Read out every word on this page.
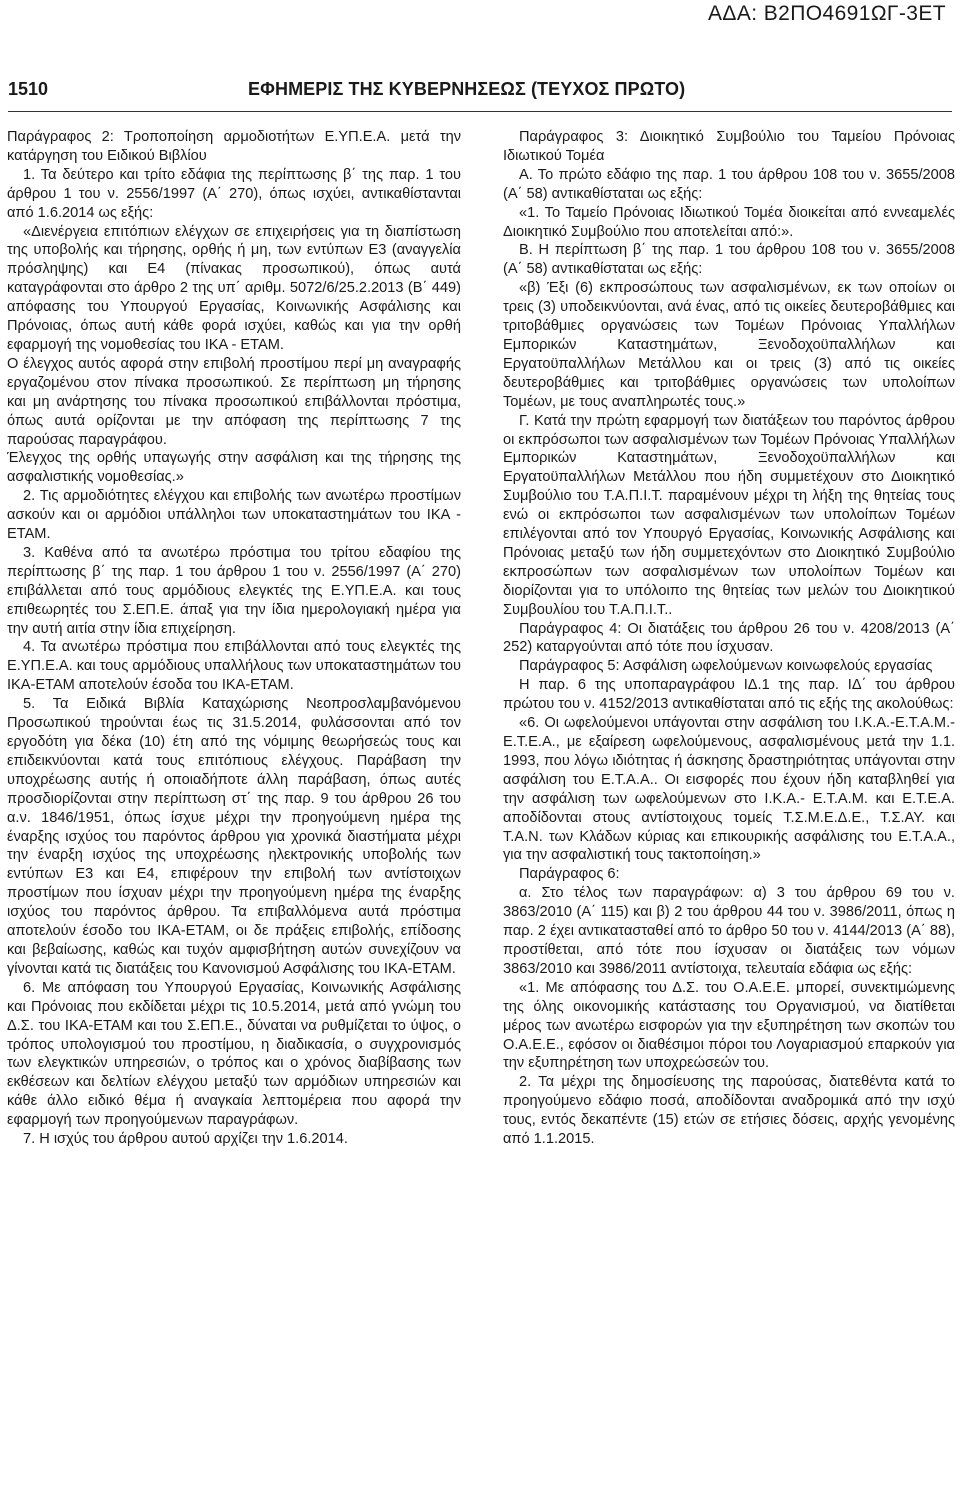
ΑΔΑ: Β2ΠΟ4691ΩΓ-3ΕΤ
1510	ΕΦΗΜΕΡΙΣ ΤΗΣ ΚΥΒΕΡΝΗΣΕΩΣ (ΤΕΥΧΟΣ ΠΡΩΤΟ)

Παράγραφος 2: Τροποποίηση αρμοδιοτήτων Ε.ΥΠ.Ε.Α. μετά την κατάργηση του Ειδικού Βιβλίου

1. Τα δεύτερο και τρίτο εδάφια της περίπτωσης β΄ της παρ. 1 του άρθρου 1 του ν. 2556/1997 (Α΄ 270), όπως ισχύει, αντικαθίστανται από 1.6.2014 ως εξής:

«Διενέργεια επιτόπιων ελέγχων σε επιχειρήσεις για τη διαπίστωση της υποβολής και τήρησης, ορθής ή μη, των εντύπων Ε3 (αναγγελία πρόσληψης) και Ε4 (πίνακας προσωπικού), όπως αυτά καταγράφονται στο άρθρο 2 της υπ΄ αριθμ. 5072/6/25.2.2013 (Β΄ 449) απόφασης του Υπουργού Εργασίας, Κοινωνικής Ασφάλισης και Πρόνοιας, όπως αυτή κάθε φορά ισχύει, καθώς και για την ορθή εφαρμογή της νομοθεσίας του ΙΚΑ - ΕΤΑΜ.

Ο έλεγχος αυτός αφορά στην επιβολή προστίμου περί μη αναγραφής εργαζομένου στον πίνακα προσωπικού. Σε περίπτωση μη τήρησης και μη ανάρτησης του πίνακα προσωπικού επιβάλλονται πρόστιμα, όπως αυτά ορίζονται με την απόφαση της περίπτωσης 7 της παρούσας παραγράφου.

Έλεγχος της ορθής υπαγωγής στην ασφάλιση και της τήρησης της ασφαλιστικής νομοθεσίας.»

2. Τις αρμοδιότητες ελέγχου και επιβολής των ανωτέρω προστίμων ασκούν και οι αρμόδιοι υπάλληλοι των υποκαταστημάτων του ΙΚΑ - ΕΤΑΜ.

3. Καθένα από τα ανωτέρω πρόστιμα του τρίτου εδαφίου της περίπτωσης β΄ της παρ. 1 του άρθρου 1 του ν. 2556/1997 (Α΄ 270) επιβάλλεται από τους αρμόδιους ελεγκτές της Ε.ΥΠ.Ε.Α. και τους επιθεωρητές του Σ.ΕΠ.Ε. άπαξ για την ίδια ημερολογιακή ημέρα για την αυτή αιτία στην ίδια επιχείρηση.

4. Τα ανωτέρω πρόστιμα που επιβάλλονται από τους ελεγκτές της Ε.ΥΠ.Ε.Α. και τους αρμόδιους υπαλλήλους των υποκαταστημάτων του ΙΚΑ-ΕΤΑΜ αποτελούν έσοδα του ΙΚΑ-ΕΤΑΜ.

5. Τα Ειδικά Βιβλία Καταχώρισης Νεοπροσλαμβανόμενου Προσωπικού τηρούνται έως τις 31.5.2014, φυλάσσονται από τον εργοδότη για δέκα (10) έτη από της νόμιμης θεωρήσεώς τους και επιδεικνύονται κατά τους επιτόπιους ελέγχους. Παράβαση την υποχρέωσης αυτής ή οποιαδήποτε άλλη παράβαση, όπως αυτές προσδιορίζονται στην περίπτωση στ΄ της παρ. 9 του άρθρου 26 του α.ν. 1846/1951, όπως ίσχυε μέχρι την προηγούμενη ημέρα της έναρξης ισχύος του παρόντος άρθρου για χρονικά διαστήματα μέχρι την έναρξη ισχύος της υποχρέωσης ηλεκτρονικής υποβολής των εντύπων Ε3 και Ε4, επιφέρουν την επιβολή των αντίστοιχων προστίμων που ίσχυαν μέχρι την προηγούμενη ημέρα της έναρξης ισχύος του παρόντος άρθρου. Τα επιβαλλόμενα αυτά πρόστιμα αποτελούν έσοδο του ΙΚΑ-ΕΤΑΜ, οι δε πράξεις επιβολής, επίδοσης και βεβαίωσης, καθώς και τυχόν αμφισβήτηση αυτών συνεχίζουν να γίνονται κατά τις διατάξεις του Κανονισμού Ασφάλισης του ΙΚΑ-ΕΤΑΜ.

6. Με απόφαση του Υπουργού Εργασίας, Κοινωνικής Ασφάλισης και Πρόνοιας που εκδίδεται μέχρι τις 10.5.2014, μετά από γνώμη του Δ.Σ. του ΙΚΑ-ΕΤΑΜ και του Σ.ΕΠ.Ε., δύναται να ρυθμίζεται το ύψος, ο τρόπος υπολογισμού του προστίμου, η διαδικασία, ο συγχρονισμός των ελεγκτικών υπηρεσιών, ο τρόπος και ο χρόνος διαβίβασης των εκθέσεων και δελτίων ελέγχου μεταξύ των αρμόδιων υπηρεσιών και κάθε άλλο ειδικό θέμα ή αναγκαία λεπτομέρεια που αφορά την εφαρμογή των προηγούμενων παραγράφων.

7. Η ισχύς του άρθρου αυτού αρχίζει την 1.6.2014.

Παράγραφος 3: Διοικητικό Συμβούλιο του Ταμείου Πρόνοιας Ιδιωτικού Τομέα

Α. Το πρώτο εδάφιο της παρ. 1 του άρθρου 108 του ν. 3655/2008 (Α΄ 58) αντικαθίσταται ως εξής:

«1. Το Ταμείο Πρόνοιας Ιδιωτικού Τομέα διοικείται από εννεαμελές Διοικητικό Συμβούλιο που αποτελείται από:».

Β. Η περίπτωση β΄ της παρ. 1 του άρθρου 108 του ν. 3655/2008 (Α΄ 58) αντικαθίσταται ως εξής:

«β) Έξι (6) εκπροσώπους των ασφαλισμένων, εκ των οποίων οι τρεις (3) υποδεικνύονται, ανά ένας, από τις οικείες δευτεροβάθμιες και τριτοβάθμιες οργανώσεις των Τομέων Πρόνοιας Υπαλλήλων Εμπορικών Καταστημάτων, Ξενοδοχοϋπαλλήλων και Εργατοϋπαλλήλων Μετάλλου και οι τρεις (3) από τις οικείες δευτεροβάθμιες και τριτοβάθμιες οργανώσεις των υπολοίπων Τομέων, με τους αναπληρωτές τους.»

Γ. Κατά την πρώτη εφαρμογή των διατάξεων του παρόντος άρθρου οι εκπρόσωποι των ασφαλισμένων των Τομέων Πρόνοιας Υπαλλήλων Εμπορικών Καταστημάτων, Ξενοδοχοϋπαλλήλων και Εργατοϋπαλλήλων Μετάλλου που ήδη συμμετέχουν στο Διοικητικό Συμβούλιο του Τ.Α.Π.Ι.Τ. παραμένουν μέχρι τη λήξη της θητείας τους ενώ οι εκπρόσωποι των ασφαλισμένων των υπολοίπων Τομέων επιλέγονται από τον Υπουργό Εργασίας, Κοινωνικής Ασφάλισης και Πρόνοιας μεταξύ των ήδη συμμετεχόντων στο Διοικητικό Συμβούλιο εκπροσώπων των ασφαλισμένων των υπολοίπων Τομέων και διορίζονται για το υπόλοιπο της θητείας των μελών του Διοικητικού Συμβουλίου του Τ.Α.Π.Ι.Τ..

Παράγραφος 4: Οι διατάξεις του άρθρου 26 του ν. 4208/2013 (Α΄ 252) καταργούνται από τότε που ίσχυσαν.

Παράγραφος 5: Ασφάλιση ωφελούμενων κοινωφελούς εργασίας

Η παρ. 6 της υποπαραγράφου ΙΔ.1 της παρ. ΙΔ΄ του άρθρου πρώτου του ν. 4152/2013 αντικαθίσταται από τις εξής της ακολούθως:

«6. Οι ωφελούμενοι υπάγονται στην ασφάλιση του Ι.Κ.Α.-Ε.Τ.Α.Μ.- Ε.Τ.Ε.Α., με εξαίρεση ωφελούμενους, ασφαλισμένους μετά την 1.1. 1993, που λόγω ιδιότητας ή άσκησης δραστηριότητας υπάγονται στην ασφάλιση του Ε.Τ.Α.Α.. Οι εισφορές που έχουν ήδη καταβληθεί για την ασφάλιση των ωφελούμενων στο Ι.Κ.Α.- Ε.Τ.Α.Μ. και Ε.Τ.Ε.Α. αποδίδονται στους αντίστοιχους τομείς Τ.Σ.Μ.Ε.Δ.Ε., Τ.Σ.ΑΥ. και Τ.Α.Ν. των Κλάδων κύριας και επικουρικής ασφάλισης του Ε.Τ.Α.Α., για την ασφαλιστική τους τακτοποίηση.»

Παράγραφος 6:

α. Στο τέλος των παραγράφων: α) 3 του άρθρου 69 του ν. 3863/2010 (Α΄ 115) και β) 2 του άρθρου 44 του ν. 3986/2011, όπως η παρ. 2 έχει αντικατασταθεί από το άρθρο 50 του ν. 4144/2013 (Α΄ 88), προστίθεται, από τότε που ίσχυσαν οι διατάξεις των νόμων 3863/2010 και 3986/2011 αντίστοιχα, τελευταία εδάφια ως εξής:

«1. Με απόφασης του Δ.Σ. του Ο.Α.Ε.Ε. μπορεί, συνεκτιμώμενης της όλης οικονομικής κατάστασης του Οργανισμού, να διατίθεται μέρος των ανωτέρω εισφορών για την εξυπηρέτηση των σκοπών του Ο.Α.Ε.Ε., εφόσον οι διαθέσιμοι πόροι του Λογαριασμού επαρκούν για την εξυπηρέτηση των υποχρεώσεών του.

2. Τα μέχρι της δημοσίευσης της παρούσας, διατεθέντα κατά το προηγούμενο εδάφιο ποσά, αποδίδονται αναδρομικά από την ισχύ τους, εντός δεκαπέντε (15) ετών σε ετήσιες δόσεις, αρχής γενομένης από 1.1.2015.
